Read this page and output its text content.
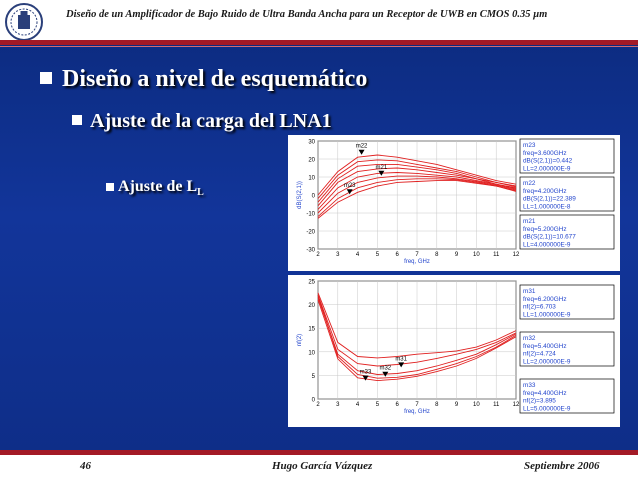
Diseño de un Amplificador de Bajo Ruido de Ultra Banda Ancha para un Receptor de UWB en CMOS 0.35 µm
Diseño a nivel de esquemático
Ajuste de la carga del LNA1
Ajuste de $L_L$
30
20
10
0
-10
-20
-30
2	3	4	5	6	7	8	9 10 11 12
freq, GHz
dB(S(2,1))
m22
m21
m23
m23
freq=3.600GHz
dB(S(2,1))=0.442
LL=2.000000E-9
m22
freq=4.200GHz
dB(S(2,1))=22.389
LL=1.000000E-8
m21
freq=5.200GHz
dB(S(2,1))=10.677
LL=4.000000E-9
25
20
15
10
5
0
2	3	4	5	6	7	8	9 10 11 12
freq, GHz
nf(2)
m31
m32
m33
m31
freq=6.200GHz
nf(2)=6.703
LL=1.000000E-9
m32
freq=5.400GHz
nf(2)=4.724
LL=2.000000E-9
m33
freq=4.400GHz
nf(2)=3.895
LL=5.000000E-9
46	Hugo García Vázquez	Septiembre 2006
